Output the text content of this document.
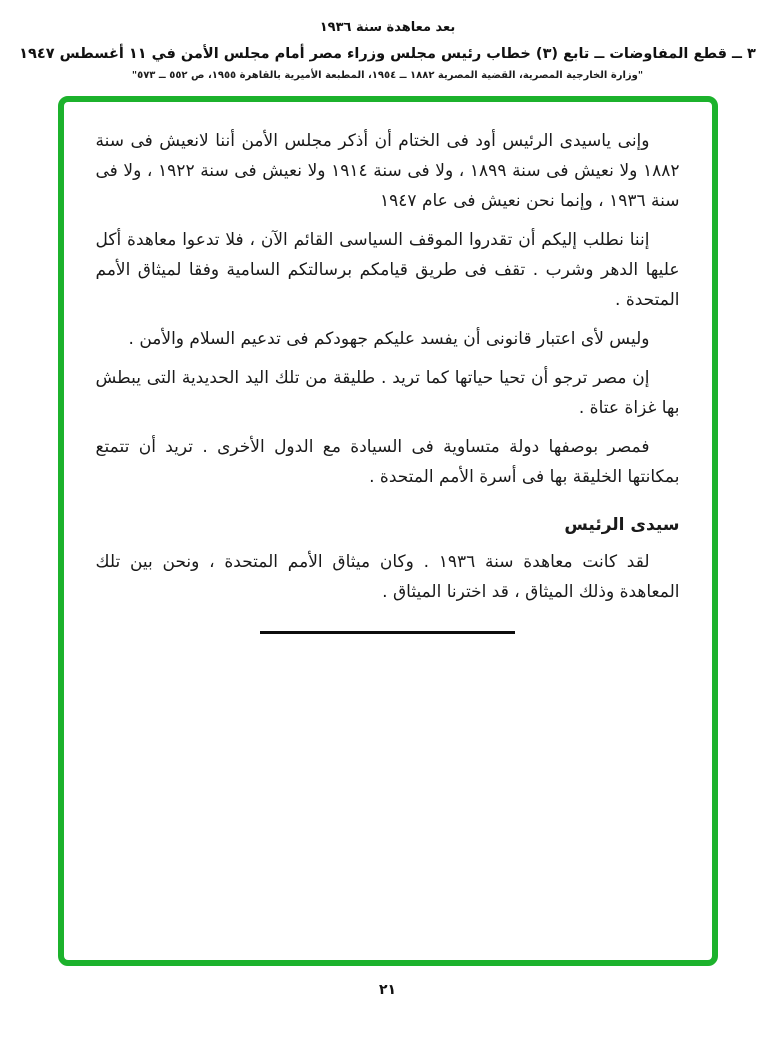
بعد معاهدة سنة ١٩٣٦
٣ ــ قطع المفاوضات ــ تابع (٣) خطاب رئيس مجلس وزراء مصر أمام مجلس الأمن في ١١ أغسطس ١٩٤٧
"وزارة الخارجية المصرية، القضية المصرية ١٨٨٢ ــ ١٩٥٤، المطبعة الأميرية بالقاهرة ١٩٥٥، ص ٥٥٢ ــ ٥٧٣"

وإنى ياسيدى الرئيس أود فى الختام أن أذكر مجلس الأمن أننا لانعيش فى سنة ١٨٨٢ ولا نعيش فى سنة ١٨٩٩ ، ولا فى سنة ١٩١٤ ولا نعيش فى سنة ١٩٢٢ ، ولا فى سنة ١٩٣٦ ، وإنما نحن نعيش فى عام ١٩٤٧

إننا نطلب إليكم أن تقدروا الموقف السياسى القائم الآن ، فلا تدعوا معاهدة أكل عليها الدهر وشرب . تقف فى طريق قيامكم برسالتكم السامية وفقا لميثاق الأمم المتحدة .

وليس لأى اعتبار قانونى أن يفسد عليكم جهودكم فى تدعيم السلام والأمن .

إن مصر ترجو أن تحيا حياتها كما تريد . طليقة من تلك اليد الحديدية التى يبطش بها غزاة عتاة .

فمصر بوصفها دولة متساوية فى السيادة مع الدول الأخرى . تريد أن تتمتع بمكانتها الخليقة بها فى أسرة الأمم المتحدة .

سيدى الرئيس

لقد كانت معاهدة سنة ١٩٣٦ . وكان ميثاق الأمم المتحدة ، ونحن بين تلك المعاهدة وذلك الميثاق ، قد اخترنا الميثاق .

٢١
